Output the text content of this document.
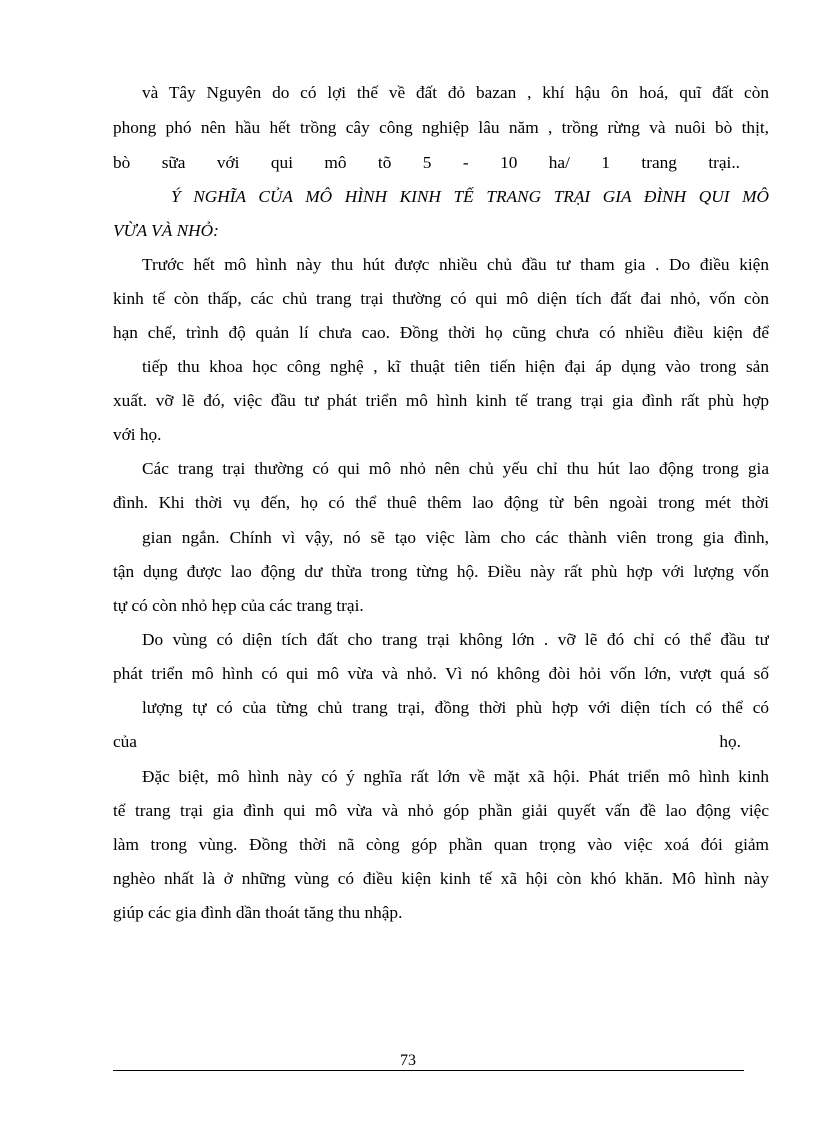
và Tây Nguyên do có lợi thế về đất đỏ bazan , khí hậu ôn hoá, quĩ đất còn
phong phó nên hầu hết trồng cây công nghiệp lâu năm , trồng rừng và nuôi bò thịt,
bò sữa với qui mô tõ 5 - 10 ha/ 1 trang trại..
Ý NGHĨA CỦA MÔ HÌNH KINH TẾ TRANG TRẠI GIA ĐÌNH QUI MÔ
VỪA VÀ NHỎ:
Trước hết mô hình này thu hút được nhiều chủ đầu tư tham gia . Do điều kiện
kinh tế còn thấp, các chủ trang trại thường có qui mô diện tích đất đai nhỏ, vốn còn
hạn chế, trình độ quản lí chưa cao. Đồng thời họ cũng chưa có nhiều điều kiện để
tiếp thu khoa học công nghệ , kĩ thuật tiên tiến hiện đại áp dụng vào trong sản
xuất. vỡ lẽ đó, việc đầu tư phát triển mô hình kinh tế trang trại gia đình rất phù hợp
với họ.
Các trang trại thường có qui mô nhỏ nên chủ yếu chỉ thu hút lao động trong gia
đình. Khi thời vụ đến, họ có thể thuê thêm lao động từ bên ngoài trong mét thời
gian ngắn. Chính vì vậy, nó sẽ tạo việc làm cho các thành viên trong gia đình,
tận dụng được lao động dư thừa trong từng hộ. Điều này rất phù hợp với lượng vốn
tự có còn nhỏ hẹp của các trang trại.
Do vùng có diện tích đất cho trang trại không lớn . vỡ lẽ đó chỉ có thể đầu tư
phát triển mô hình có qui mô vừa và nhỏ. Vì nó không đòi hỏi vốn lớn, vượt quá số
lượng tự có của từng chủ trang trại, đồng thời phù hợp với diện tích có thể có
của họ.
Đặc biệt, mô hình này có ý nghĩa rất lớn về mặt xã hội. Phát triển mô hình kinh
tế trang trại gia đình qui mô vừa và nhỏ góp phần giải quyết vấn đề lao động việc
làm trong vùng. Đồng thời nã còng góp phần quan trọng vào việc xoá đói giảm
nghèo nhất là ở những vùng có điều kiện kinh tế xã hội còn khó khăn. Mô hình này
giúp các gia đình dần thoát tăng thu nhập.
73
